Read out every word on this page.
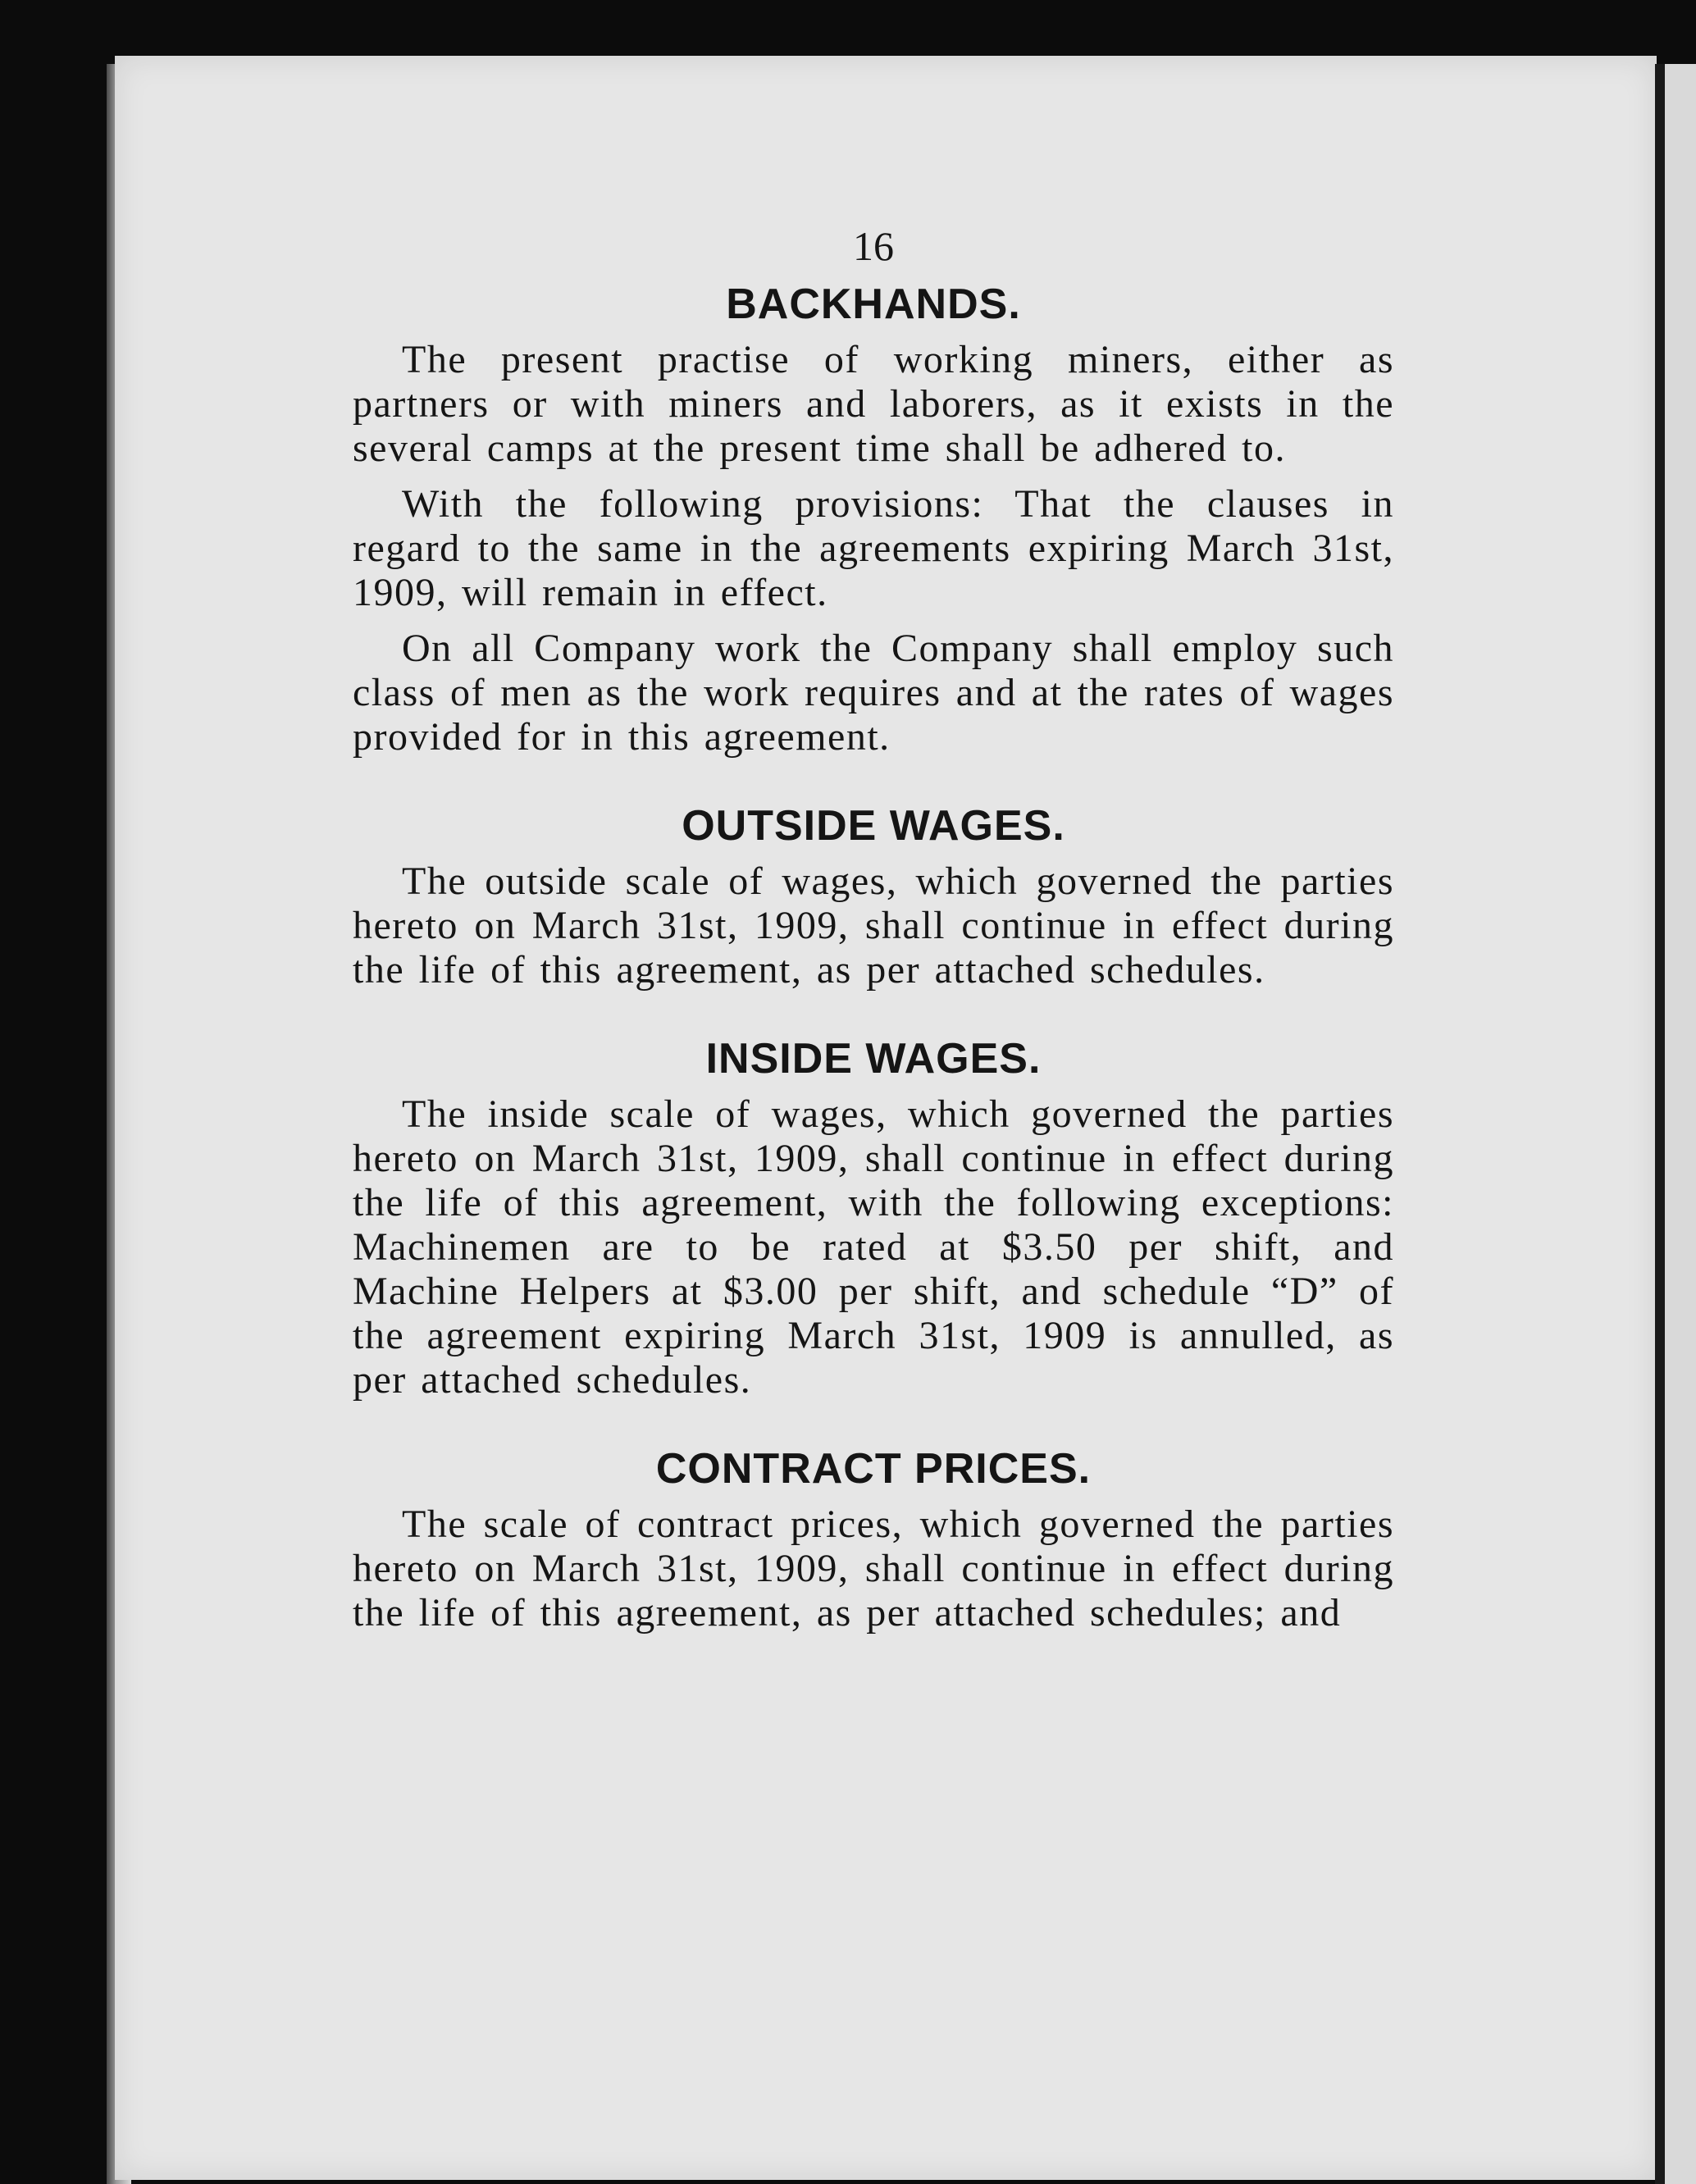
16
BACKHANDS.

The present practise of working miners, either as partners or with miners and laborers, as it exists in the several camps at the present time shall be adhered to.

With the following provisions: That the clauses in regard to the same in the agreements expiring March 31st, 1909, will remain in effect.

On all Company work the Company shall employ such class of men as the work requires and at the rates of wages provided for in this agreement.

OUTSIDE WAGES.

The outside scale of wages, which governed the parties hereto on March 31st, 1909, shall continue in effect during the life of this agreement, as per attached schedules.

INSIDE WAGES.

The inside scale of wages, which governed the parties hereto on March 31st, 1909, shall continue in effect during the life of this agreement, with the following exceptions: Machinemen are to be rated at $3.50 per shift, and Machine Helpers at $3.00 per shift, and schedule “D” of the agreement expiring March 31st, 1909 is annulled, as per attached schedules.

CONTRACT PRICES.

The scale of contract prices, which governed the parties hereto on March 31st, 1909, shall continue in effect during the life of this agreement, as per attached schedules; and
